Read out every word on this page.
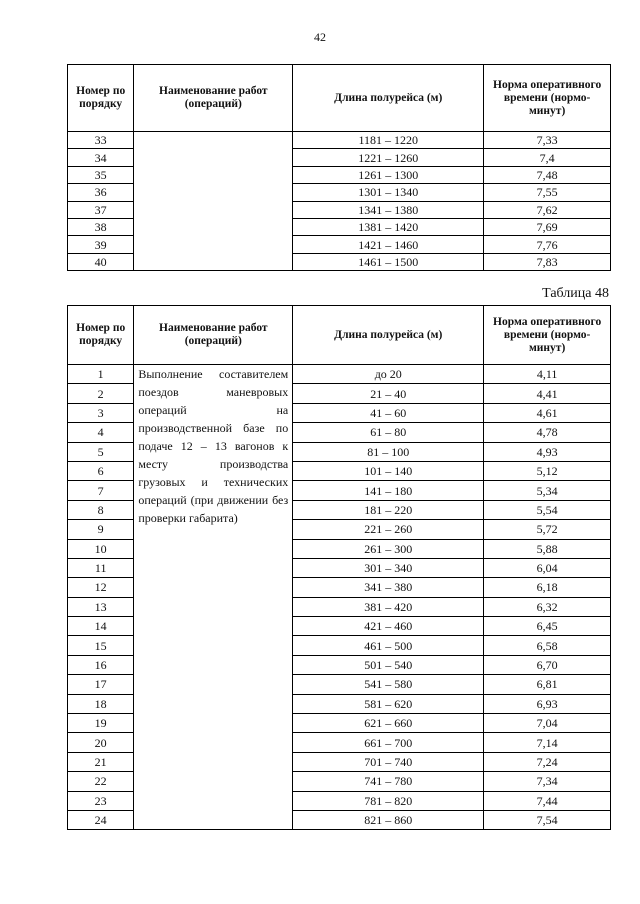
42
Номер по порядку	Наименование работ (операций)	Длина полурейса (м)	Норма оперативного времени (нормо-минут)
33		1181 – 1220	7,33
34		1221 – 1260	7,4
35		1261 – 1300	7,48
36		1301 – 1340	7,55
37		1341 – 1380	7,62
38		1381 – 1420	7,69
39		1421 – 1460	7,76
40		1461 – 1500	7,83
Таблица 48
Номер по порядку	Наименование работ (операций)	Длина полурейса (м)	Норма оперативного времени (нормо-минут)
1	Выполнение составителем поездов маневровых операций на производственной базе по подаче 12 – 13 вагонов к месту производства грузовых и технических операций (при движении без проверки габарита)	до 20	4,11
2		21 – 40	4,41
3		41 – 60	4,61
4		61 – 80	4,78
5		81 – 100	4,93
6		101 – 140	5,12
7		141 – 180	5,34
8		181 – 220	5,54
9		221 – 260	5,72
10		261 – 300	5,88
11		301 – 340	6,04
12		341 – 380	6,18
13		381 – 420	6,32
14		421 – 460	6,45
15		461 – 500	6,58
16		501 – 540	6,70
17		541 – 580	6,81
18		581 – 620	6,93
19		621 – 660	7,04
20		661 – 700	7,14
21		701 – 740	7,24
22		741 – 780	7,34
23		781 – 820	7,44
24		821 – 860	7,54
